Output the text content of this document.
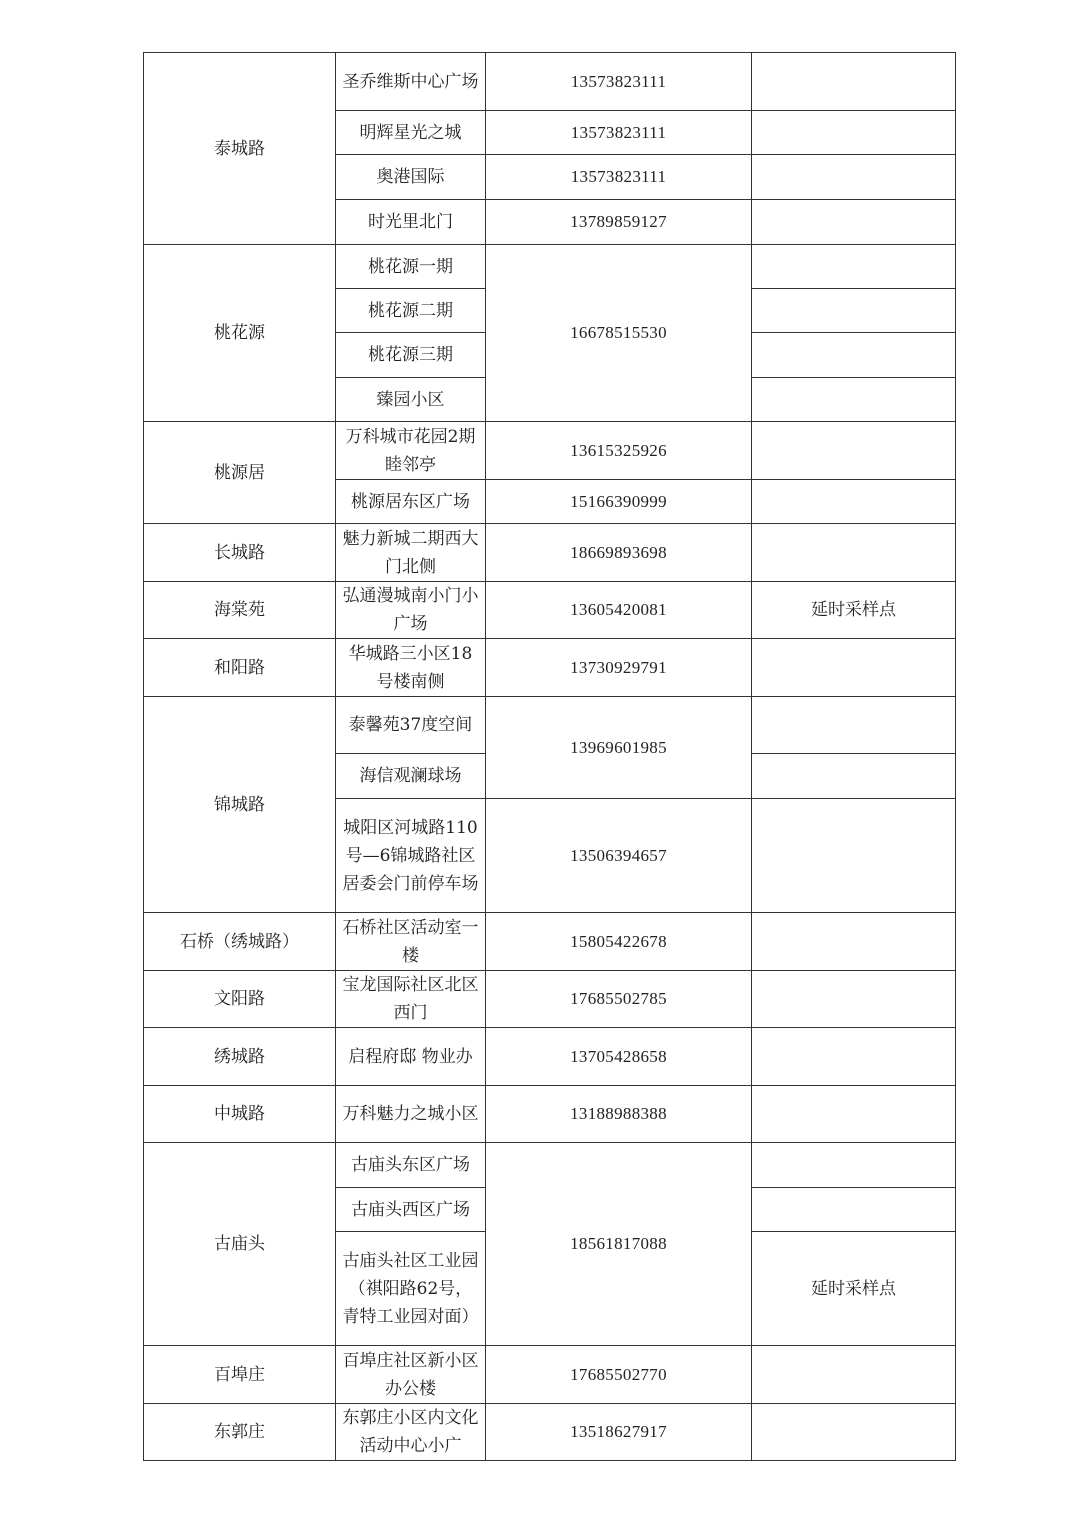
泰城路	圣乔维斯中心广场	13573823111	
	明辉星光之城	13573823111	
	奥港国际	13573823111	
	时光里北门	13789859127	
桃花源	桃花源一期	16678515530	
	桃花源二期		
	桃花源三期		
	臻园小区		
桃源居	万科城市花园2期睦邻亭	13615325926	
	桃源居东区广场	15166390999	
长城路	魅力新城二期西大门北侧	18669893698	
海棠苑	弘通漫城南小门小广场	13605420081	延时采样点
和阳路	华城路三小区18号楼南侧	13730929791	
锦城路	泰馨苑37度空间	13969601985	
	海信观澜球场		
	城阳区河城路110号—6锦城路社区居委会门前停车场	13506394657	
石桥（绣城路）	石桥社区活动室一楼	15805422678	
文阳路	宝龙国际社区北区西门	17685502785	
绣城路	启程府邸 物业办	13705428658	
中城路	万科魅力之城小区	13188988388	
古庙头	古庙头东区广场	18561817088	
	古庙头西区广场		
	古庙头社区工业园（祺阳路62号，青特工业园对面）		延时采样点
百埠庄	百埠庄社区新小区办公楼	17685502770	
东郭庄	东郭庄小区内文化活动中心小广	13518627917	
